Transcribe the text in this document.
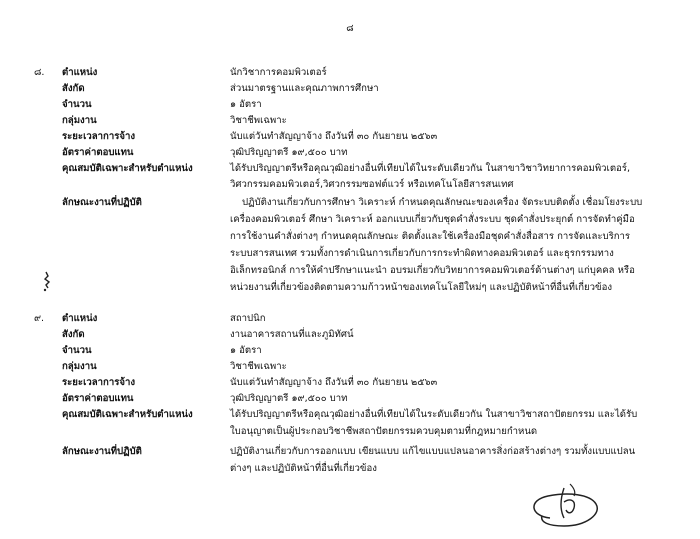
๘
๘. ตำแหน่ง	นักวิชาการคอมพิวเตอร์
สังกัด	ส่วนมาตรฐานและคุณภาพการศึกษา
จำนวน	๑ อัตรา
กลุ่มงาน	วิชาชีพเฉพาะ
ระยะเวลาการจ้าง	นับแต่วันทำสัญญาจ้าง ถึงวันที่ ๓๐ กันยายน ๒๕๖๓
อัตราค่าตอบแทน	วุฒิปริญญาตรี ๑๙,๕๐๐ บาท
คุณสมบัติเฉพาะสำหรับตำแหน่ง	ได้รับปริญญาตรีหรือคุณวุฒิอย่างอื่นที่เทียบได้ในระดับเดียวกัน ในสาขาวิชาวิทยาการคอมพิวเตอร์,
วิศวกรรมคอมพิวเตอร์,วิศวกรรมซอฟต์แวร์ หรือเทคโนโลยีสารสนเทศ
ลักษณะงานที่ปฏิบัติ	ปฏิบัติงานเกี่ยวกับการศึกษา วิเคราะห์ กำหนดคุณลักษณะของเครื่อง จัดระบบติดตั้ง เชื่อมโยงระบบ
เครื่องคอมพิวเตอร์ ศึกษา วิเคราะห์ ออกแบบเกี่ยวกับชุดคำสั่งระบบ ชุดคำสั่งประยุกต์ การจัดทำคู่มือ
การใช้งานคำสั่งต่างๆ กำหนดคุณลักษณะ ติดตั้งและใช้เครื่องมือชุดคำสั่งสื่อสาร การจัดและบริการ
ระบบสารสนเทศ รวมทั้งการดำเนินการเกี่ยวกับการกระทำผิดทางคอมพิวเตอร์ และธุรกรรมทาง
อิเล็กทรอนิกส์ การให้คำปรึกษาแนะนำ อบรมเกี่ยวกับวิทยาการคอมพิวเตอร์ด้านต่างๆ แก่บุคคล หรือ
หน่วยงานที่เกี่ยวข้องติดตามความก้าวหน้าของเทคโนโลยีใหม่ๆ และปฏิบัติหน้าที่อื่นที่เกี่ยวข้อง
๙. ตำแหน่ง	สถาปนิก
สังกัด	งานอาคารสถานที่และภูมิทัศน์
จำนวน	๑ อัตรา
กลุ่มงาน	วิชาชีพเฉพาะ
ระยะเวลาการจ้าง	นับแต่วันทำสัญญาจ้าง ถึงวันที่ ๓๐ กันยายน ๒๕๖๓
อัตราค่าตอบแทน	วุฒิปริญญาตรี ๑๙,๕๐๐ บาท
คุณสมบัติเฉพาะสำหรับตำแหน่ง	ได้รับปริญญาตรีหรือคุณวุฒิอย่างอื่นที่เทียบได้ในระดับเดียวกัน ในสาขาวิชาสถาปัตยกรรม และได้รับ
ใบอนุญาตเป็นผู้ประกอบวิชาชีพสถาปัตยกรรมควบคุมตามที่กฎหมายกำหนด
ลักษณะงานที่ปฏิบัติ	ปฏิบัติงานเกี่ยวกับการออกแบบ เขียนแบบ แก้ไขแบบแปลนอาคารสิ่งก่อสร้างต่างๆ รวมทั้งแบบแปลน
ต่างๆ และปฏิบัติหน้าที่อื่นที่เกี่ยวข้อง
